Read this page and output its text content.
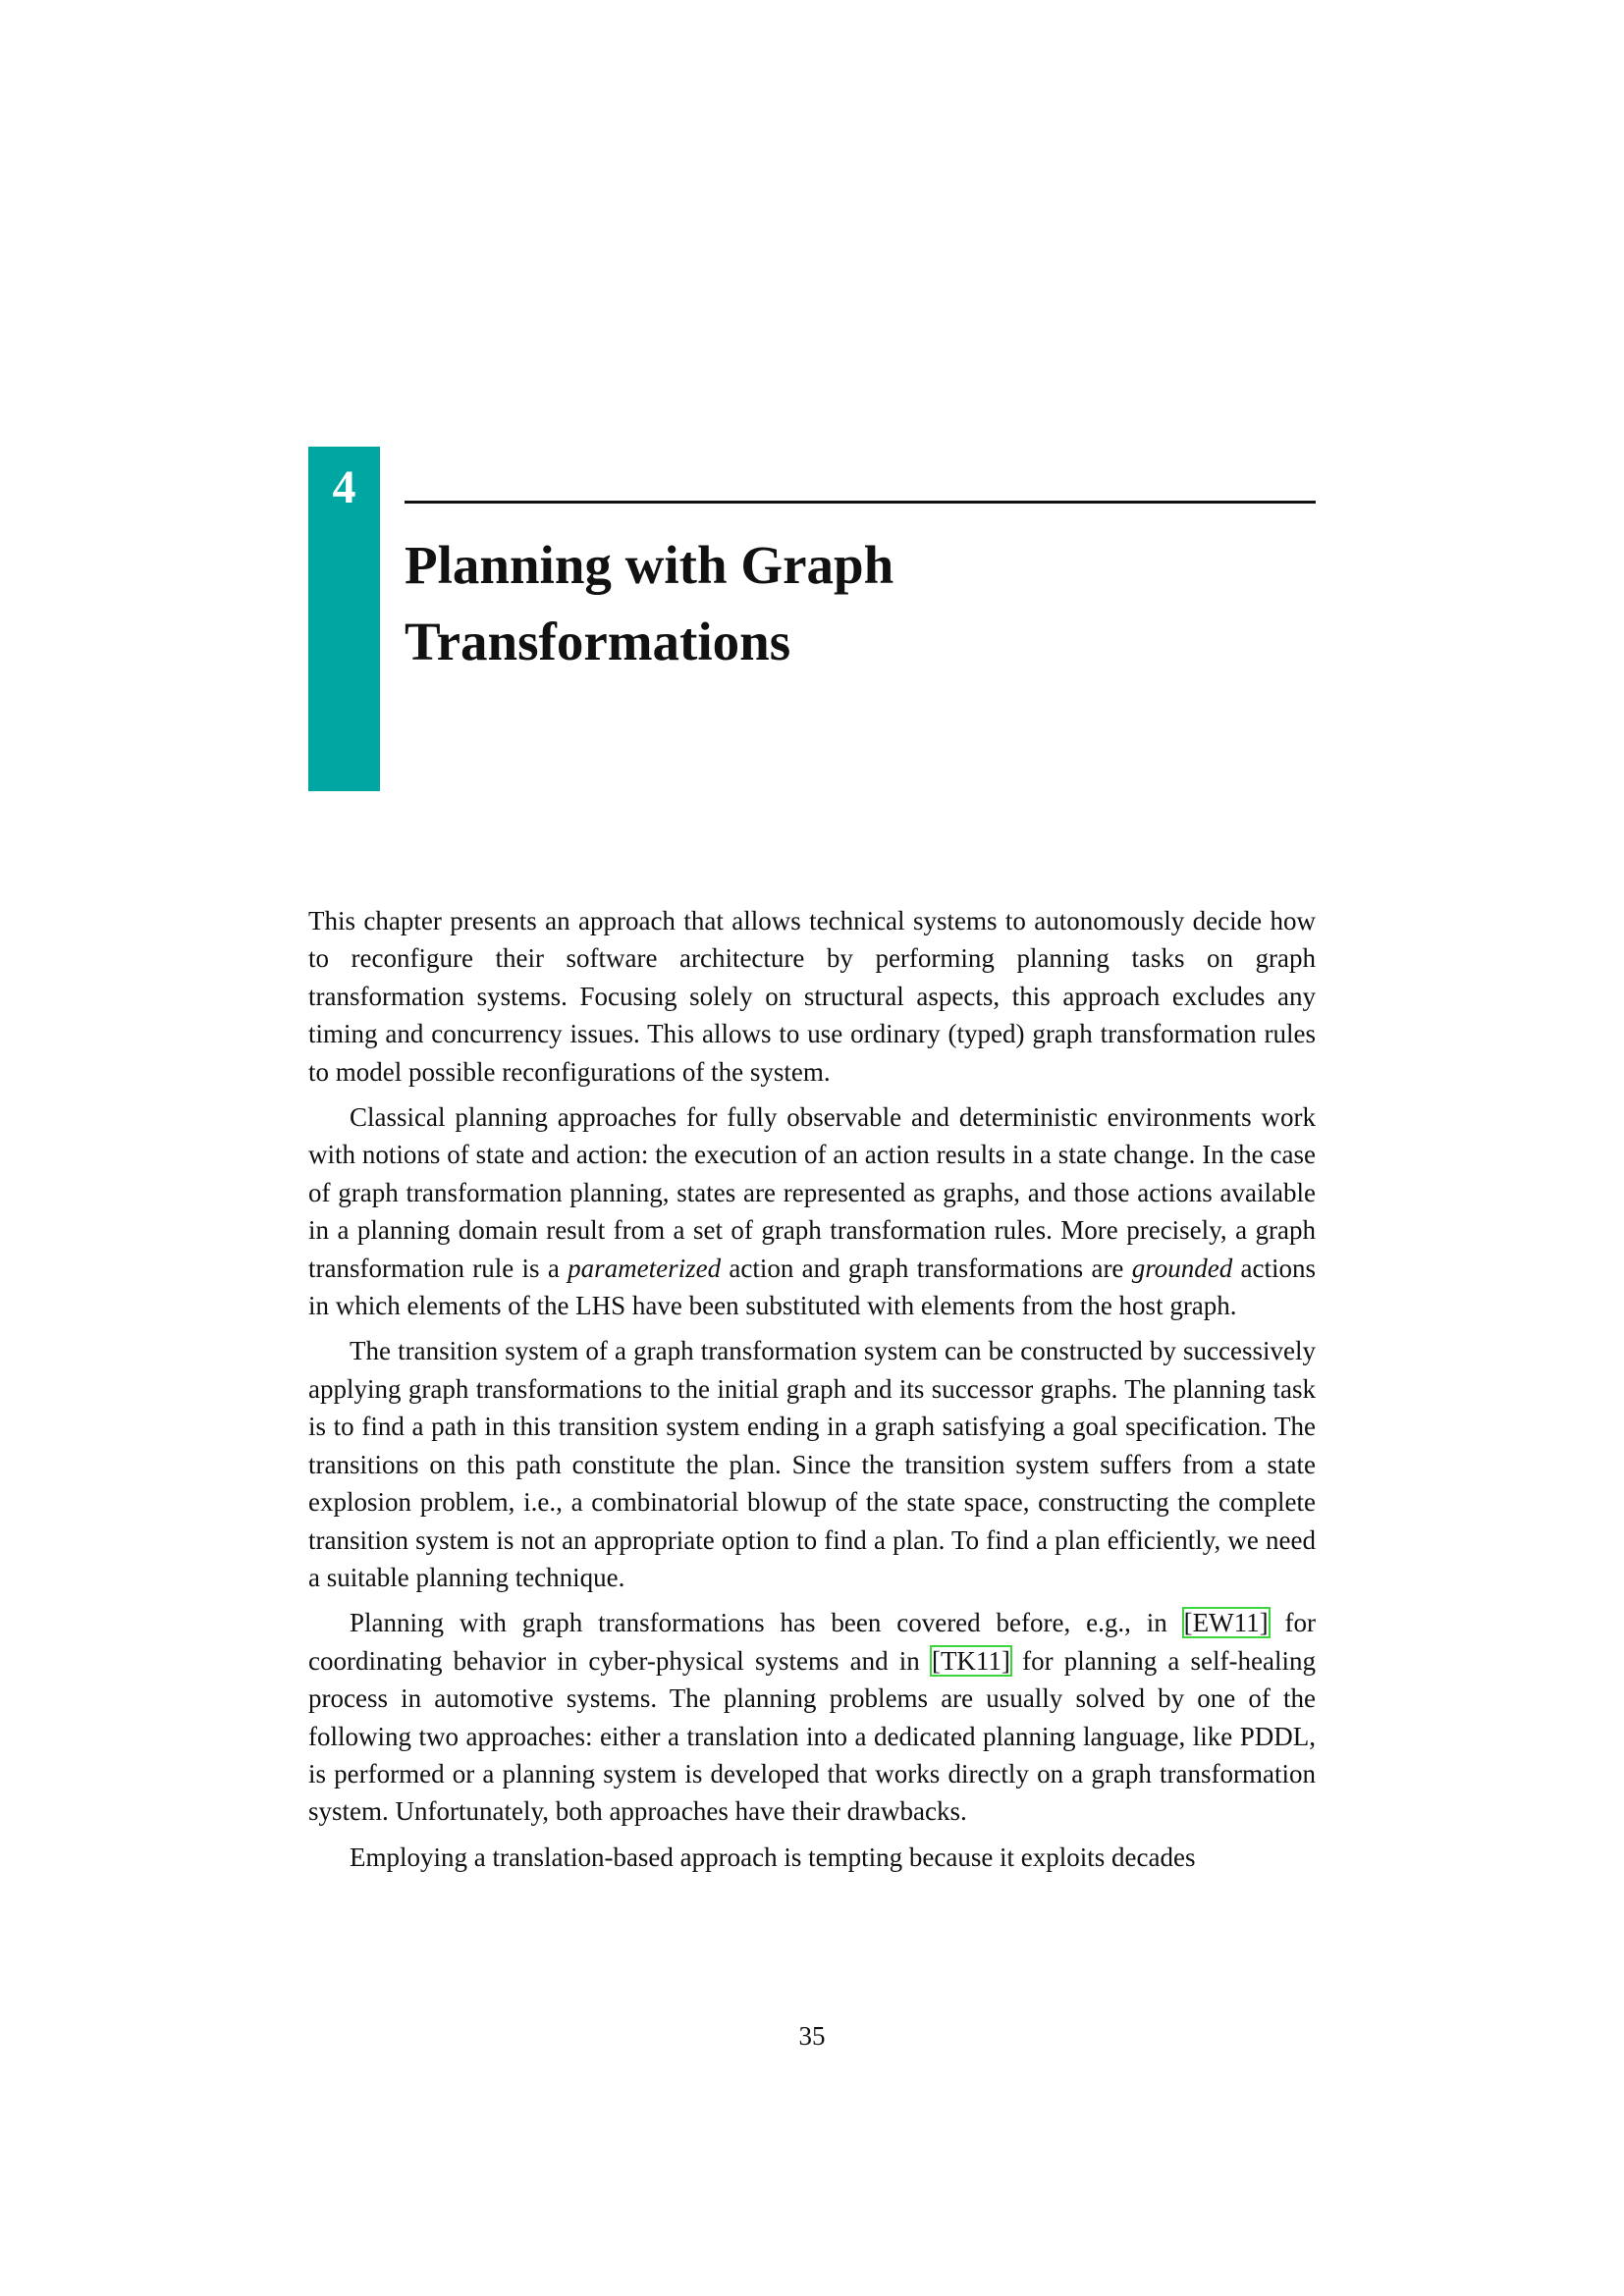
4
Planning with Graph
Transformations

This chapter presents an approach that allows technical systems to autonomously decide how to reconfigure their software architecture by performing planning tasks on graph transformation systems. Focusing solely on structural aspects, this approach excludes any timing and concurrency issues. This allows to use ordinary (typed) graph transformation rules to model possible reconfigurations of the system.

Classical planning approaches for fully observable and deterministic environments work with notions of state and action: the execution of an action results in a state change. In the case of graph transformation planning, states are represented as graphs, and those actions available in a planning domain result from a set of graph transformation rules. More precisely, a graph transformation rule is a parameterized action and graph transformations are grounded actions in which elements of the LHS have been substituted with elements from the host graph.

The transition system of a graph transformation system can be constructed by successively applying graph transformations to the initial graph and its successor graphs. The planning task is to find a path in this transition system ending in a graph satisfying a goal specification. The transitions on this path constitute the plan. Since the transition system suffers from a state explosion problem, i.e., a combinatorial blowup of the state space, constructing the complete transition system is not an appropriate option to find a plan. To find a plan efficiently, we need a suitable planning technique.

Planning with graph transformations has been covered before, e.g., in [EW11] for coordinating behavior in cyber-physical systems and in [TK11] for planning a self-healing process in automotive systems. The planning problems are usually solved by one of the following two approaches: either a translation into a dedicated planning language, like PDDL, is performed or a planning system is developed that works directly on a graph transformation system. Unfortunately, both approaches have their drawbacks.

Employing a translation-based approach is tempting because it exploits decades

35
